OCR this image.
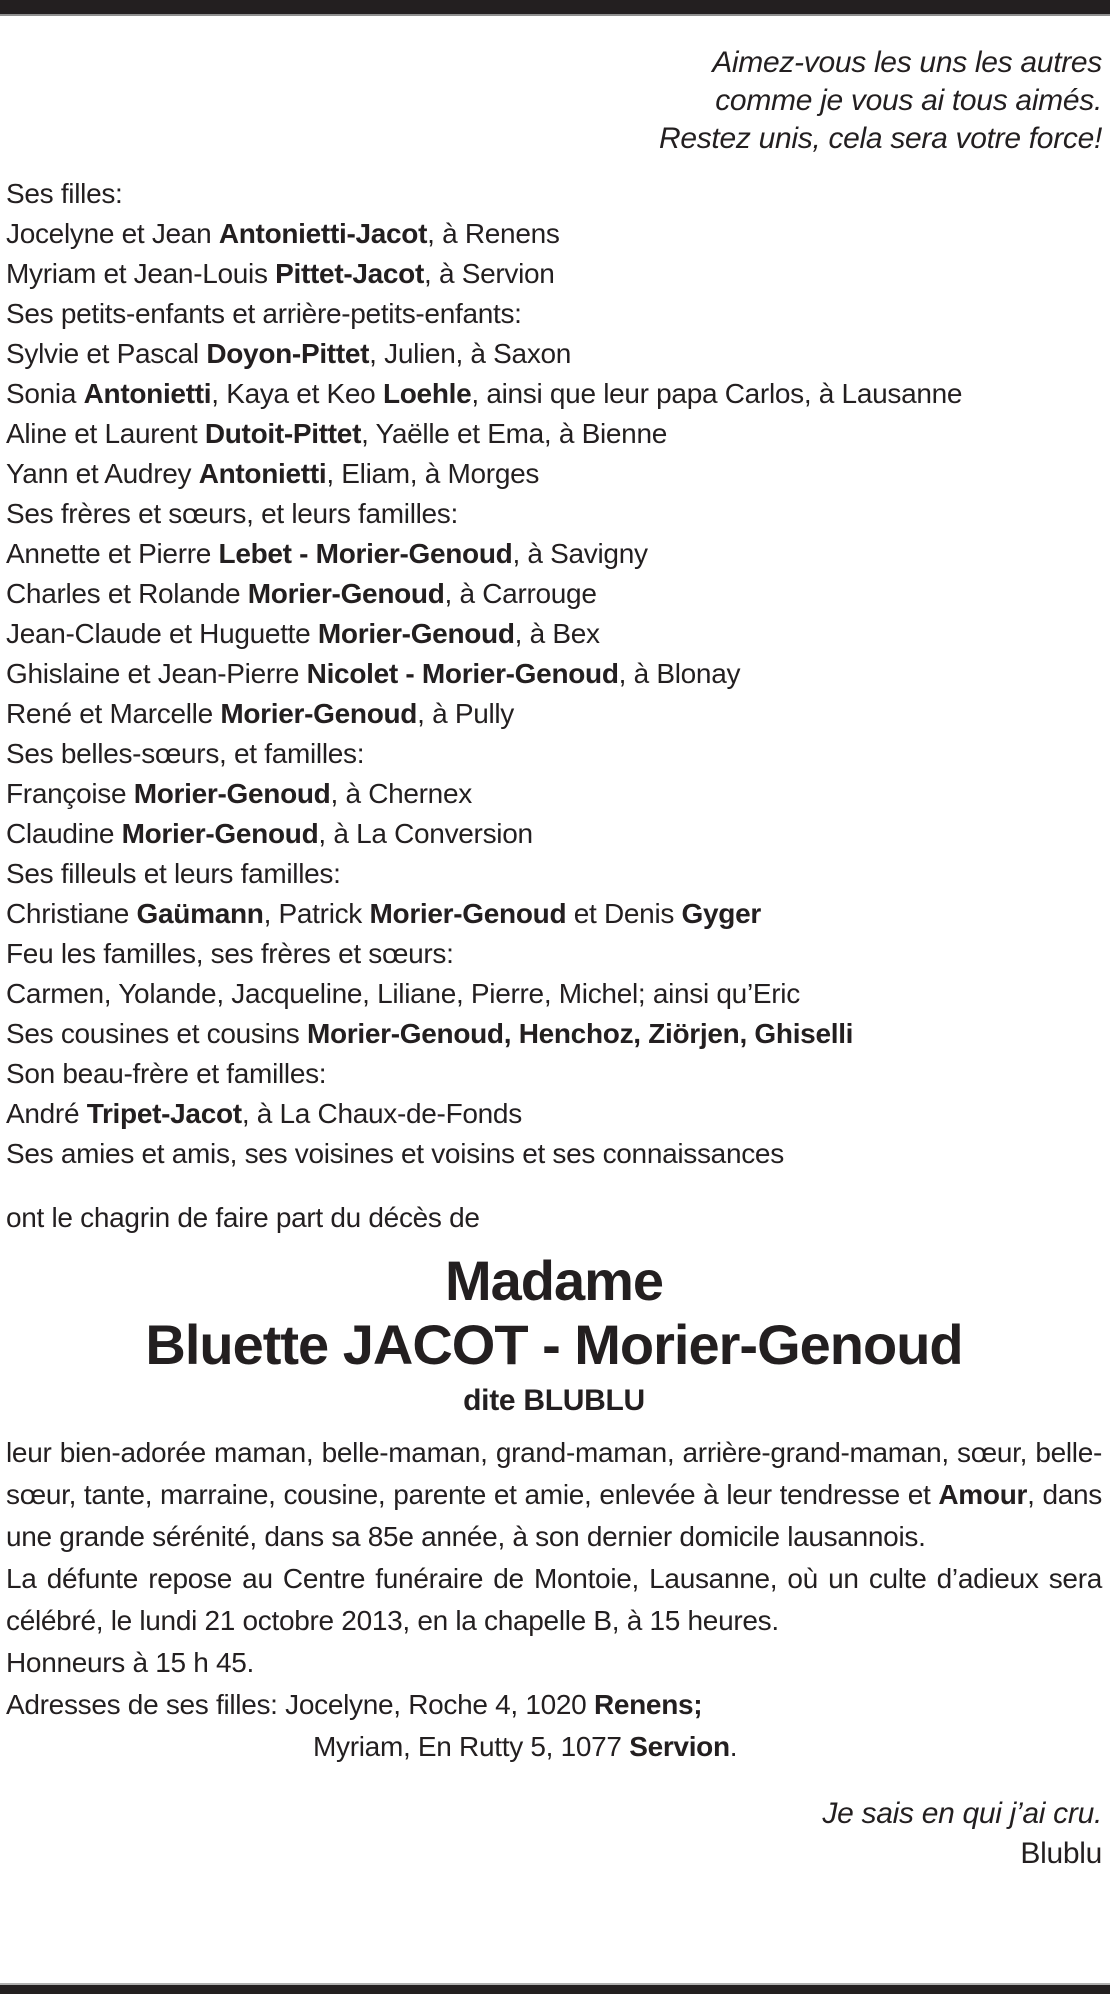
Aimez-vous les uns les autres
comme je vous ai tous aimés.
Restez unis, cela sera votre force!
Ses filles:
Jocelyne et Jean Antonietti-Jacot, à Renens
Myriam et Jean-Louis Pittet-Jacot, à Servion
Ses petits-enfants et arrière-petits-enfants:
Sylvie et Pascal Doyon-Pittet, Julien, à Saxon
Sonia Antonietti, Kaya et Keo Loehle, ainsi que leur papa Carlos, à Lausanne
Aline et Laurent Dutoit-Pittet, Yaëlle et Ema, à Bienne
Yann et Audrey Antonietti, Eliam, à Morges
Ses frères et sœurs, et leurs familles:
Annette et Pierre Lebet - Morier-Genoud, à Savigny
Charles et Rolande Morier-Genoud, à Carrouge
Jean-Claude et Huguette Morier-Genoud, à Bex
Ghislaine et Jean-Pierre Nicolet - Morier-Genoud, à Blonay
René et Marcelle Morier-Genoud, à Pully
Ses belles-sœurs, et familles:
Françoise Morier-Genoud, à Chernex
Claudine Morier-Genoud, à La Conversion
Ses filleuls et leurs familles:
Christiane Gaümann, Patrick Morier-Genoud et Denis Gyger
Feu les familles, ses frères et sœurs:
Carmen, Yolande, Jacqueline, Liliane, Pierre, Michel; ainsi qu’Eric
Ses cousines et cousins Morier-Genoud, Henchoz, Ziörjen, Ghiselli
Son beau-frère et familles:
André Tripet-Jacot, à La Chaux-de-Fonds
Ses amies et amis, ses voisines et voisins et ses connaissances

ont le chagrin de faire part du décès de

Madame
Bluette JACOT - Morier-Genoud
dite BLUBLU
leur bien-adorée maman, belle-maman, grand-maman, arrière-grand-maman, sœur, belle-sœur, tante, marraine, cousine, parente et amie, enlevée à leur tendresse et Amour, dans une grande sérénité, dans sa 85e année, à son dernier domicile lausannois.
La défunte repose au Centre funéraire de Montoie, Lausanne, où un culte d’adieux sera célébré, le lundi 21 octobre 2013, en la chapelle B, à 15 heures.
Honneurs à 15 h 45.
Adresses de ses filles: Jocelyne, Roche 4, 1020 Renens;
Myriam, En Rutty 5, 1077 Servion.
Je sais en qui j’ai cru.
Blublu
